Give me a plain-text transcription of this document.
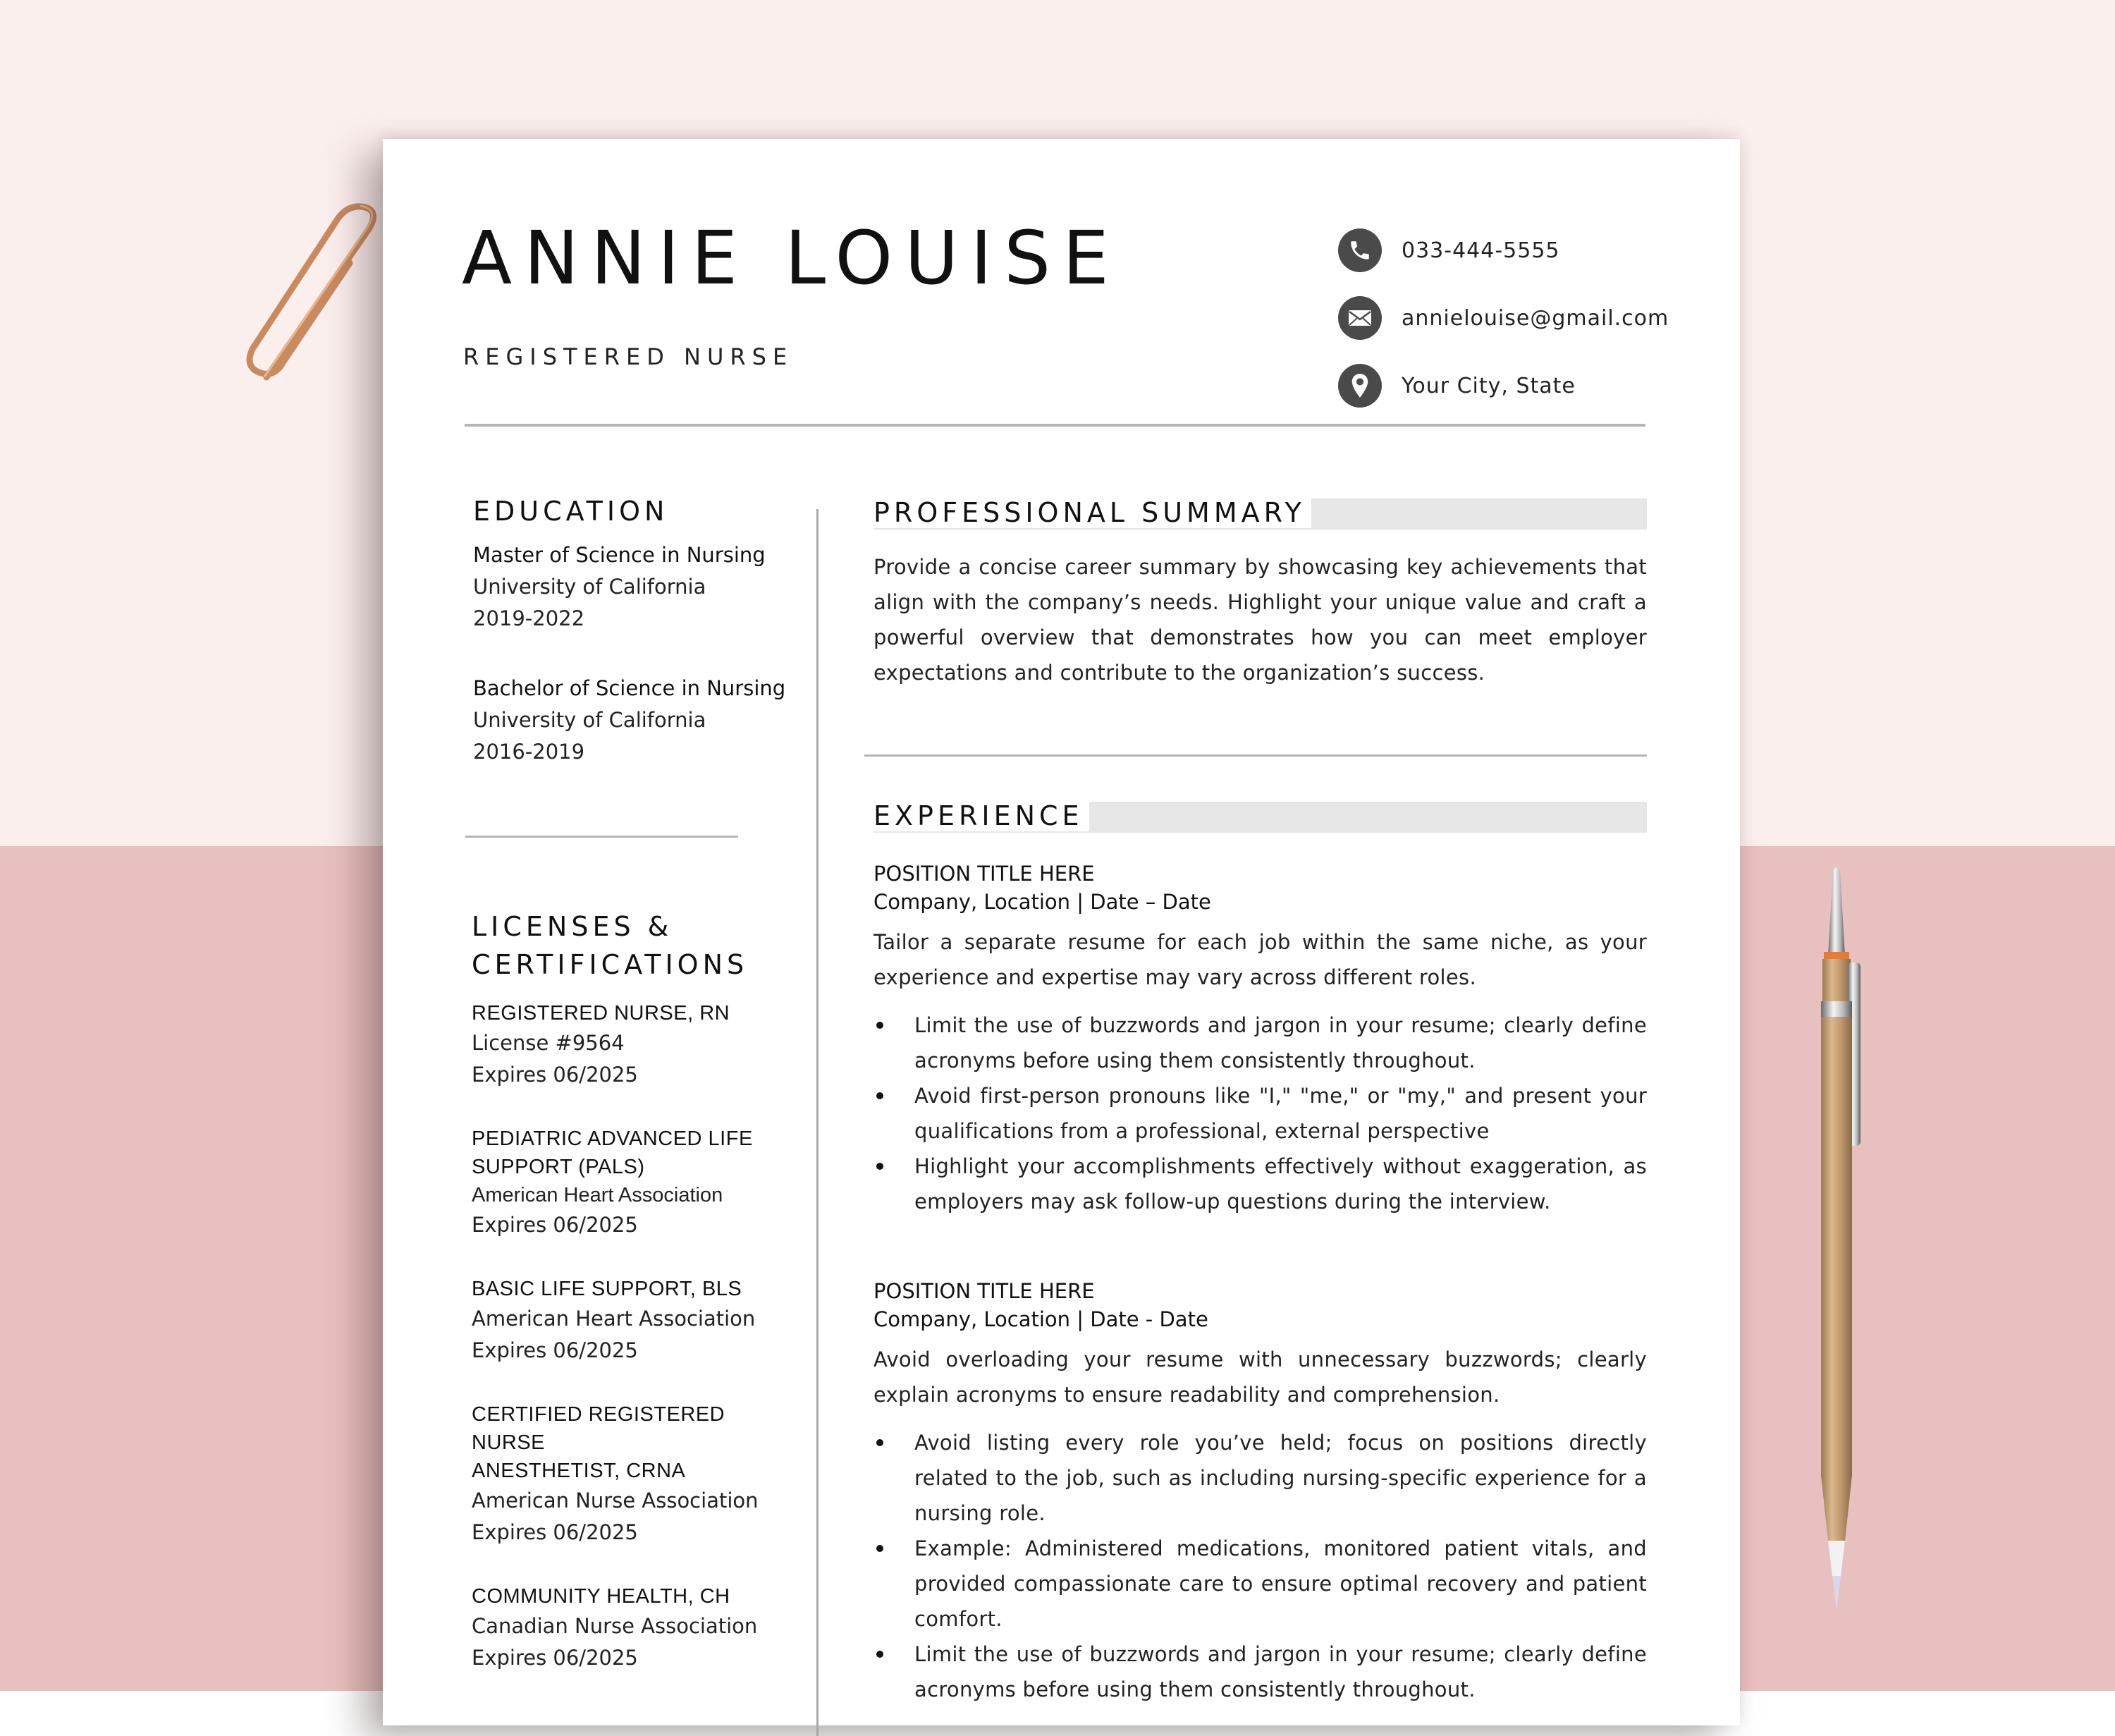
ANNIE LOUISE
REGISTERED NURSE
033-444-5555
annielouise@gmail.com
Your City, State
EDUCATION
Master of Science in Nursing
University of California
2019-2022
Bachelor of Science in Nursing
University of California
2016-2019
LICENSES &
CERTIFICATIONS
REGISTERED NURSE, RN
License #9564
Expires 06/2025
PEDIATRIC ADVANCED LIFE
SUPPORT (PALS)
American Heart Association
Expires 06/2025
BASIC LIFE SUPPORT, BLS
American Heart Association
Expires 06/2025
CERTIFIED REGISTERED NURSE
ANESTHETIST, CRNA
American Nurse Association
Expires 06/2025
COMMUNITY HEALTH, CH
Canadian Nurse Association
Expires 06/2025
PROFESSIONAL SUMMARY
Provide a concise career summary by showcasing key achievements that align with the company’s needs. Highlight your unique value and craft a powerful overview that demonstrates how you can meet employer expectations and contribute to the organization’s success.
EXPERIENCE
POSITION TITLE HERE
Company, Location | Date – Date
Tailor a separate resume for each job within the same niche, as your experience and expertise may vary across different roles.
Limit the use of buzzwords and jargon in your resume; clearly define acronyms before using them consistently throughout.
Avoid first-person pronouns like "I," "me," or "my," and present your qualifications from a professional, external perspective
Highlight your accomplishments effectively without exaggeration, as employers may ask follow-up questions during the interview.
POSITION TITLE HERE
Company, Location | Date - Date
Avoid overloading your resume with unnecessary buzzwords; clearly explain acronyms to ensure readability and comprehension.
Avoid listing every role you’ve held; focus on positions directly related to the job, such as including nursing-specific experience for a nursing role.
Example: Administered medications, monitored patient vitals, and provided compassionate care to ensure optimal recovery and patient comfort.
Limit the use of buzzwords and jargon in your resume; clearly define acronyms before using them consistently throughout.
